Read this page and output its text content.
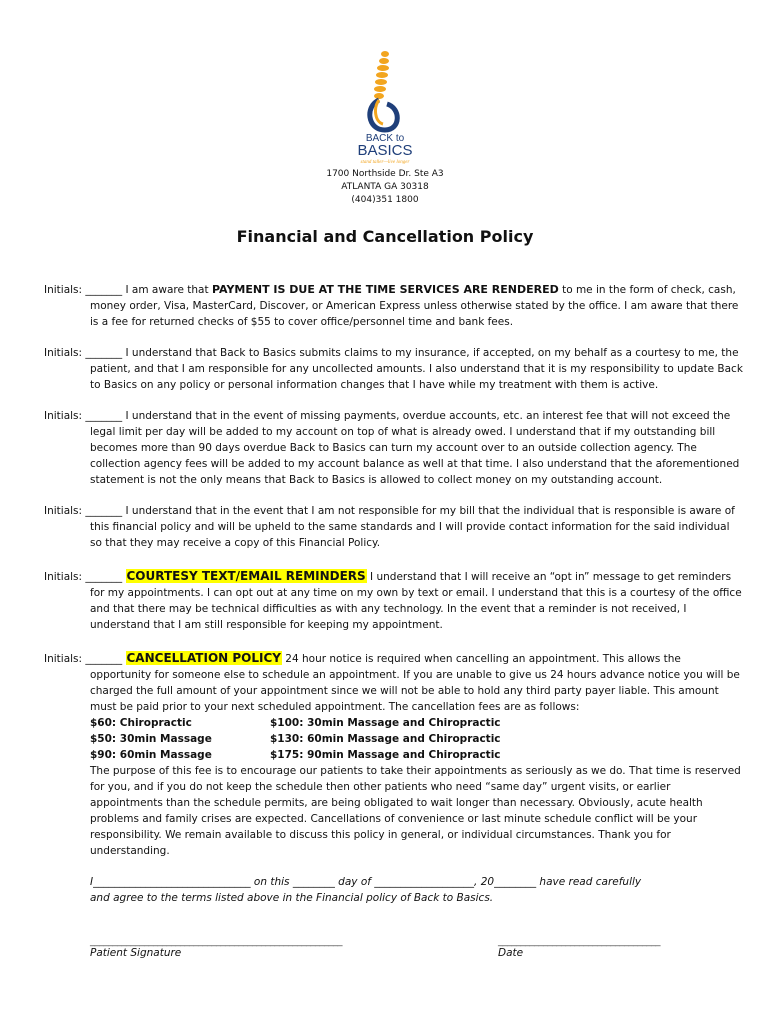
BACK to
BASICS
stand taller—live longer
1700 Northside Dr. Ste A3
ATLANTA GA 30318
(404)351 1800
Financial and Cancellation Policy
Initials: _______ I am aware that PAYMENT IS DUE AT THE TIME SERVICES ARE RENDERED to me in the form of check, cash,
money order, Visa, MasterCard, Discover, or American Express unless otherwise stated by the office. I am aware that there
is a fee for returned checks of $55 to cover office/personnel time and bank fees.
Initials: _______ I understand that Back to Basics submits claims to my insurance, if accepted, on my behalf as a courtesy to me, the
patient, and that I am responsible for any uncollected amounts. I also understand that it is my responsibility to update Back
to Basics on any policy or personal information changes that I have while my treatment with them is active.
Initials: _______ I understand that in the event of missing payments, overdue accounts, etc. an interest fee that will not exceed the
legal limit per day will be added to my account on top of what is already owed. I understand that if my outstanding bill
becomes more than 90 days overdue Back to Basics can turn my account over to an outside collection agency. The
collection agency fees will be added to my account balance as well at that time. I also understand that the aforementioned
statement is not the only means that Back to Basics is allowed to collect money on my outstanding account.
Initials: _______ I understand that in the event that I am not responsible for my bill that the individual that is responsible is aware of
this financial policy and will be upheld to the same standards and I will provide contact information for the said individual
so that they may receive a copy of this Financial Policy.
Initials: _______ COURTESY TEXT/EMAIL REMINDERS I understand that I will receive an “opt in” message to get reminders
for my appointments. I can opt out at any time on my own by text or email. I understand that this is a courtesy of the office
and that there may be technical difficulties as with any technology. In the event that a reminder is not received, I
understand that I am still responsible for keeping my appointment.
Initials: _______ CANCELLATION POLICY 24 hour notice is required when cancelling an appointment. This allows the
opportunity for someone else to schedule an appointment. If you are unable to give us 24 hours advance notice you will be
charged the full amount of your appointment since we will not be able to hold any third party payer liable. This amount
must be paid prior to your next scheduled appointment. The cancellation fees are as follows:
$60: Chiropractic	$100: 30min Massage and Chiropractic
$50: 30min Massage	$130: 60min Massage and Chiropractic
$90: 60min Massage	$175: 90min Massage and Chiropractic
The purpose of this fee is to encourage our patients to take their appointments as seriously as we do. That time is reserved
for you, and if you do not keep the schedule then other patients who need “same day” urgent visits, or earlier
appointments than the schedule permits, are being obligated to wait longer than necessary. Obviously, acute health
problems and family crises are expected. Cancellations of convenience or last minute schedule conflict will be your
responsibility. We remain available to discuss this policy in general, or individual circumstances. Thank you for
understanding.
I______________________________ on this ________ day of ___________________, 20________ have read carefully
and agree to the terms listed above in the Financial policy of Back to Basics.
________________________________________________________
Patient Signature
____________________________________
Date
